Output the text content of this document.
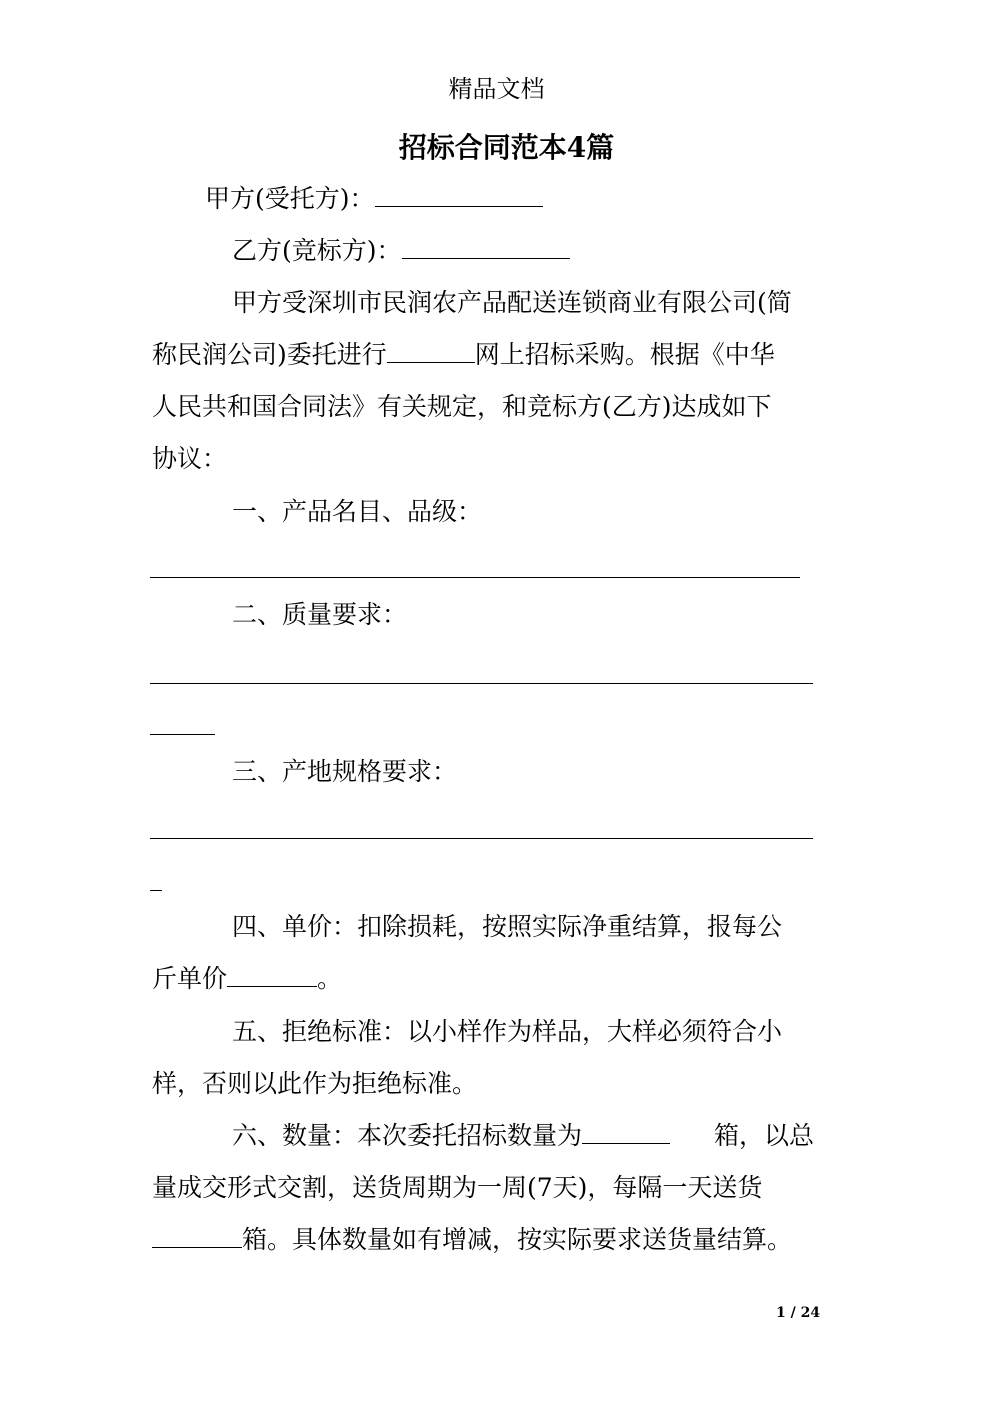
精品文档
招标合同范本4篇
甲方(受托方)：
乙方(竞标方)：
甲方受深圳市民润农产品配送连锁商业有限公司(简
称民润公司)委托进行	网上招标采购。根据《中华
人民共和国合同法》有关规定，和竞标方(乙方)达成如下
协议：
一、产品名目、品级：
二、质量要求：
三、产地规格要求：
四、单价：扣除损耗，按照实际净重结算，报每公
斤单价	。
五、拒绝标准：以小样作为样品，大样必须符合小
样，否则以此作为拒绝标准。
六、数量：本次委托招标数量为	箱，以总
量成交形式交割，送货周期为一周(7天)，每隔一天送货
箱。具体数量如有增减，按实际要求送货量结算。
1 / 24
